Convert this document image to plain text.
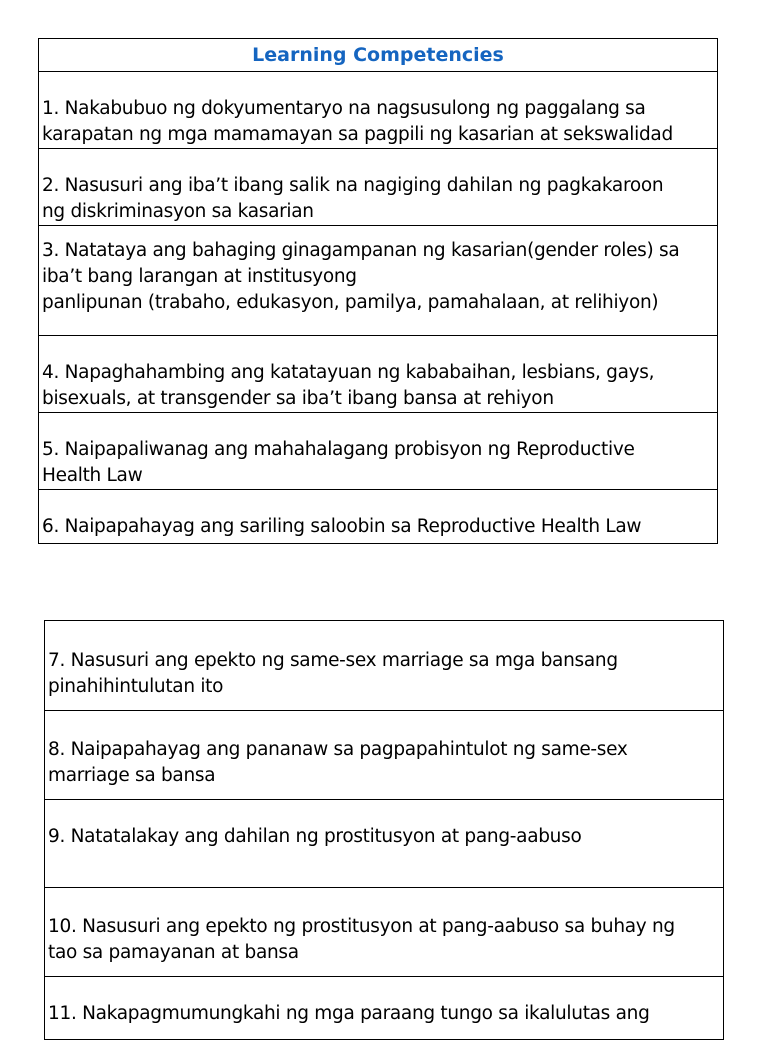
Learning Competencies
1. Nakabubuo ng dokyumentaryo na nagsusulong ng paggalang sa
karapatan ng mga mamamayan sa pagpili ng kasarian at sekswalidad
2. Nasusuri ang iba’t ibang salik na nagiging dahilan ng pagkakaroon
ng diskriminasyon sa kasarian
3. Natataya ang bahaging ginagampanan ng kasarian(gender roles) sa
iba’t bang larangan at institusyong
panlipunan (trabaho, edukasyon, pamilya, pamahalaan, at relihiyon)
4. Napaghahambing ang katatayuan ng kababaihan, lesbians, gays,
bisexuals, at transgender sa iba’t ibang bansa at rehiyon
5. Naipapaliwanag ang mahahalagang probisyon ng Reproductive
Health Law
6. Naipapahayag ang sariling saloobin sa Reproductive Health Law
7. Nasusuri ang epekto ng same-sex marriage sa mga bansang
pinahihintulutan ito
8. Naipapahayag ang pananaw sa pagpapahintulot ng same-sex
marriage sa bansa
9. Natatalakay ang dahilan ng prostitusyon at pang-aabuso
10. Nasusuri ang epekto ng prostitusyon at pang-aabuso sa buhay ng
tao sa pamayanan at bansa
11. Nakapagmumungkahi ng mga paraang tungo sa ikalulutas ang
